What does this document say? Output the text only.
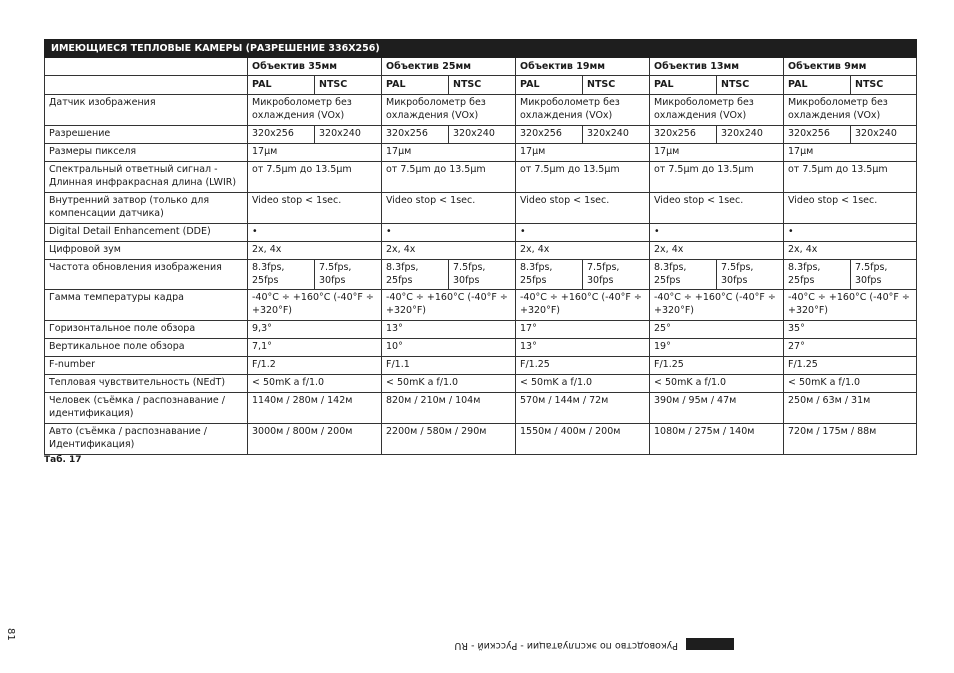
ИМЕЮЩИЕСЯ ТЕПЛОВЫЕ КАМЕРЫ (РАЗРЕШЕНИЕ 336X256)										
	Объектив 35мм		Объектив 25мм		Объектив 19мм		Объектив 13мм		Объектив 9мм	
	PAL	NTSC	PAL	NTSC	PAL	NTSC	PAL	NTSC	PAL	NTSC
Датчик изображения	Микроболометр без охлаждения (VOx)		Микроболометр без охлаждения (VOx)		Микроболометр без охлаждения (VOx)		Микроболометр без охлаждения (VOx)		Микроболометр без охлаждения (VOx)	
Разрешение	320x256	320x240	320x256	320x240	320x256	320x240	320x256	320x240	320x256	320x240
Размеры пикселя	17µм		17µм		17µм		17µм		17µм	
Спектральный ответный сигнал - Длинная инфракрасная длина (LWIR)	от 7.5µm до 13.5µm		от 7.5µm до 13.5µm		от 7.5µm до 13.5µm		от 7.5µm до 13.5µm		от 7.5µm до 13.5µm	
Внутренний затвор (только для компенсации датчика)	Video stop < 1sec.		Video stop < 1sec.		Video stop < 1sec.		Video stop < 1sec.		Video stop < 1sec.	
Digital Detail Enhancement (DDE)	•		•		•		•		•	
Цифровой зум	2x, 4x		2x, 4x		2x, 4x		2x, 4x		2x, 4x	
Частота обновления изображения	8.3fps, 25fps	7.5fps, 30fps	8.3fps, 25fps	7.5fps, 30fps	8.3fps, 25fps	7.5fps, 30fps	8.3fps, 25fps	7.5fps, 30fps	8.3fps, 25fps	7.5fps, 30fps
Гамма температуры кадра	-40°C ÷ +160°C (-40°F ÷ +320°F)		-40°C ÷ +160°C (-40°F ÷ +320°F)		-40°C ÷ +160°C (-40°F ÷ +320°F)		-40°C ÷ +160°C (-40°F ÷ +320°F)		-40°C ÷ +160°C (-40°F ÷ +320°F)	
Горизонтальное поле обзора	9,3°		13°		17°		25°		35°	
Вертикальное поле обзора	7,1°		10°		13°		19°		27°	
F-number	F/1.2		F/1.1		F/1.25		F/1.25		F/1.25	
Тепловая чувствительность (NEdT)	< 50mK a f/1.0		< 50mK a f/1.0		< 50mK a f/1.0		< 50mK a f/1.0		< 50mK a f/1.0	
Человек (съёмка / распознавание / идентификация)	1140м / 280м / 142м		820м / 210м / 104м		570м / 144м / 72м		390м / 95м / 47м		250м / 63м / 31м	
Авто (съёмка / распознавание / Идентификация)	3000м / 800м / 200м		2200м / 580м / 290м		1550м / 400м / 200м		1080м / 275м / 140м		720м / 175м / 88м	
Таб. 17
81
Руководство по эксплуатации - Русский - RU
